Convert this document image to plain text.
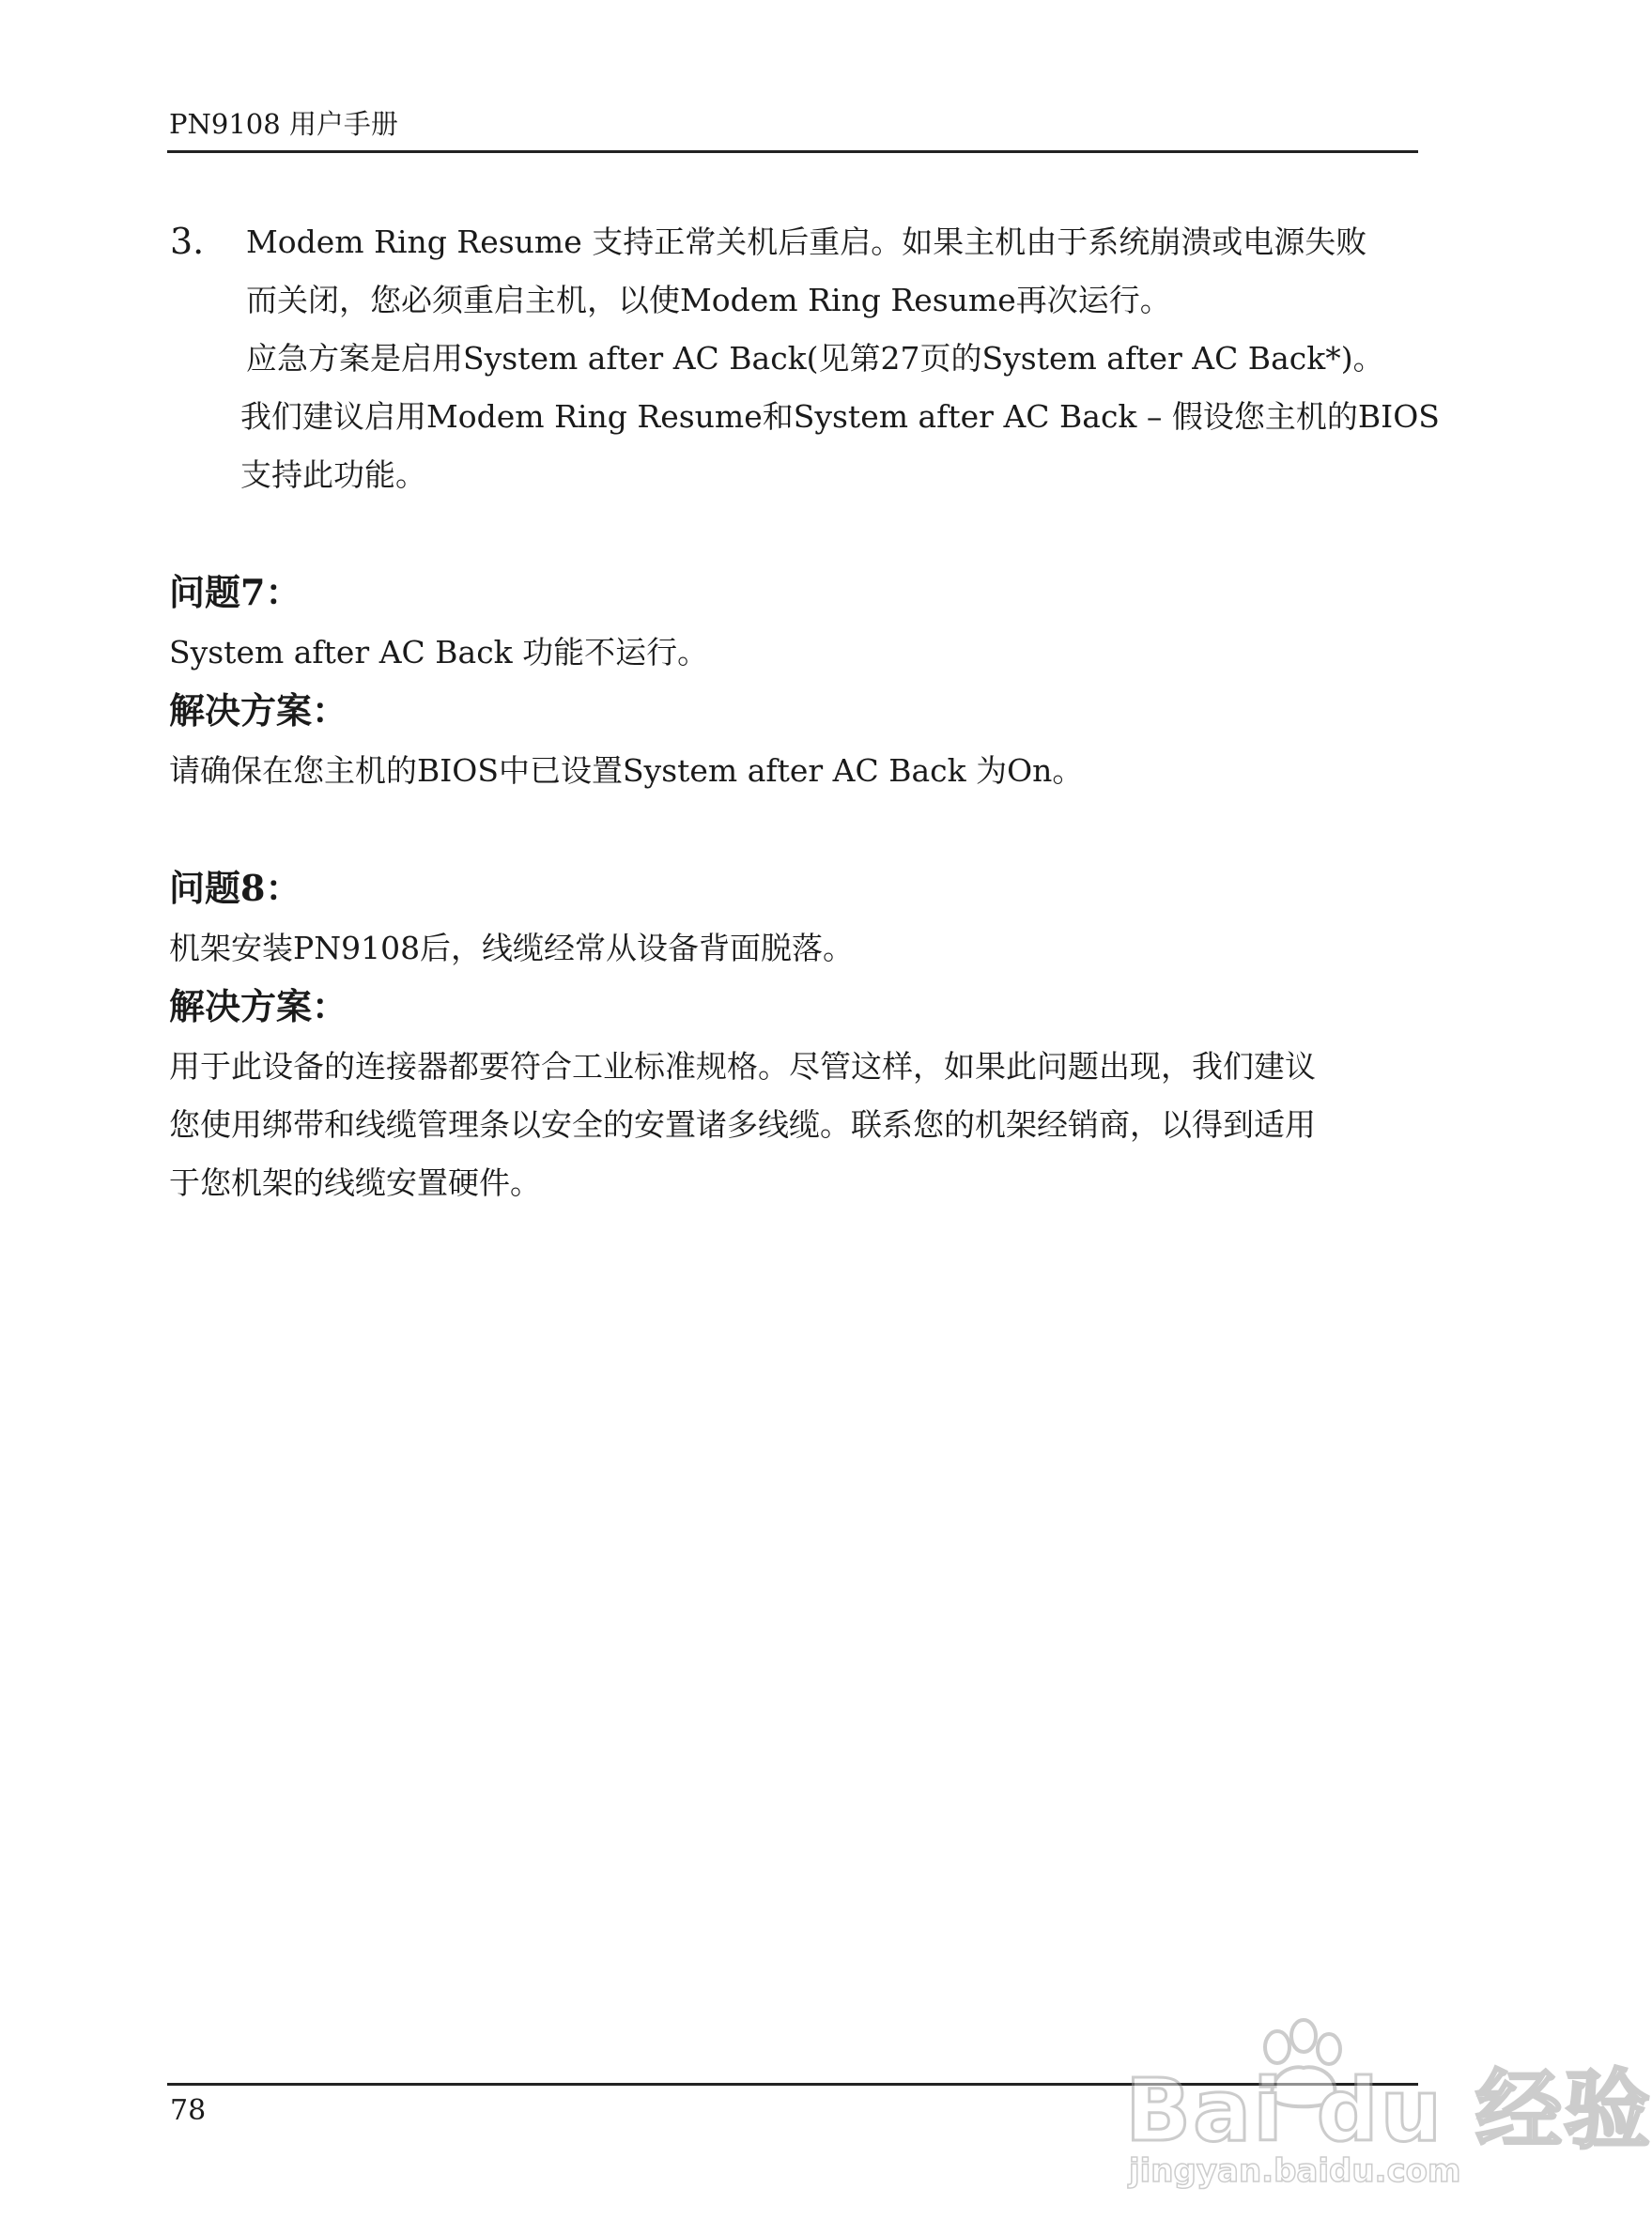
PN9108 用户手册
3. Modem Ring Resume 支持正常关机后重启。如果主机由于系统崩溃或电源失败
而关闭，您必须重启主机，以使Modem Ring Resume再次运行。
应急方案是启用System after AC Back(见第27页的System after AC Back*)。
我们建议启用Modem Ring Resume和System after AC Back – 假设您主机的BIOS
支持此功能。
问题7：
System after AC Back 功能不运行。
解决方案：
请确保在您主机的BIOS中已设置System after AC Back 为On。
问题8：
机架安装PN9108后，线缆经常从设备背面脱落。
解决方案：
用于此设备的连接器都要符合工业标准规格。尽管这样，如果此问题出现，我们建议
您使用绑带和线缆管理条以安全的安置诸多线缆。联系您的机架经销商，以得到适用
于您机架的线缆安置硬件。
78	Bai du 经验
jingyan.baidu.com
